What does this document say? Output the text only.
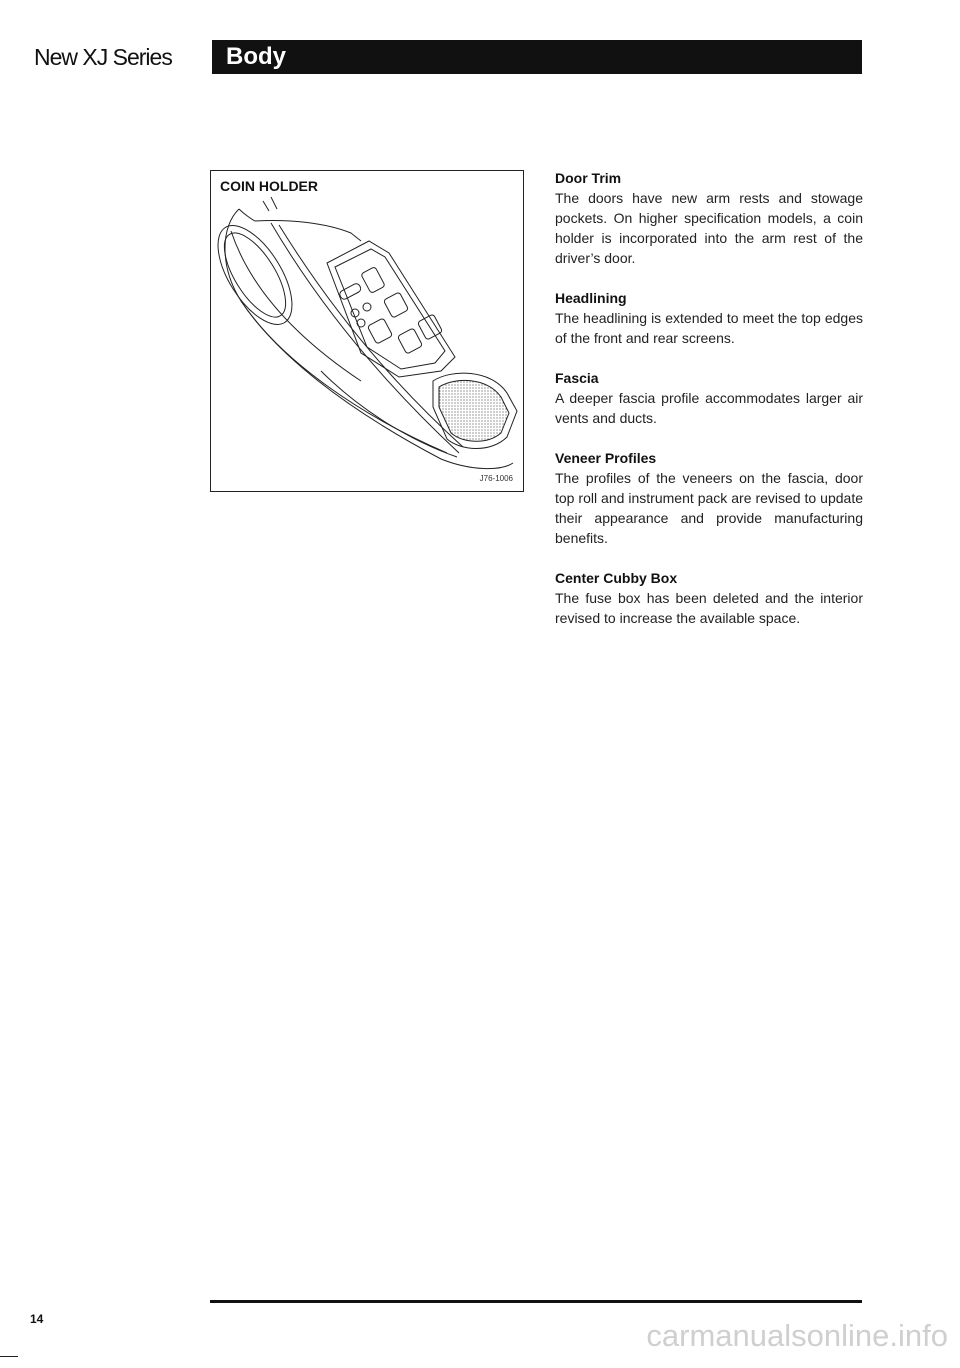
New XJ Series Body
COIN HOLDER
J76-1006
Door Trim
The doors have new arm rests and stowage pockets. On higher specification models, a coin holder is incorporated into the arm rest of the driver’s door.
Headlining
The headlining is extended to meet the top edges of the front and rear screens.
Fascia
A deeper fascia profile accommodates larger air vents and ducts.
Veneer Profiles
The profiles of the veneers on the fascia, door top roll and instrument pack are revised to update their appearance and provide manufacturing benefits.
Center Cubby Box
The fuse box has been deleted and the interior revised to increase the available space.
14	carmanualsonline.info
